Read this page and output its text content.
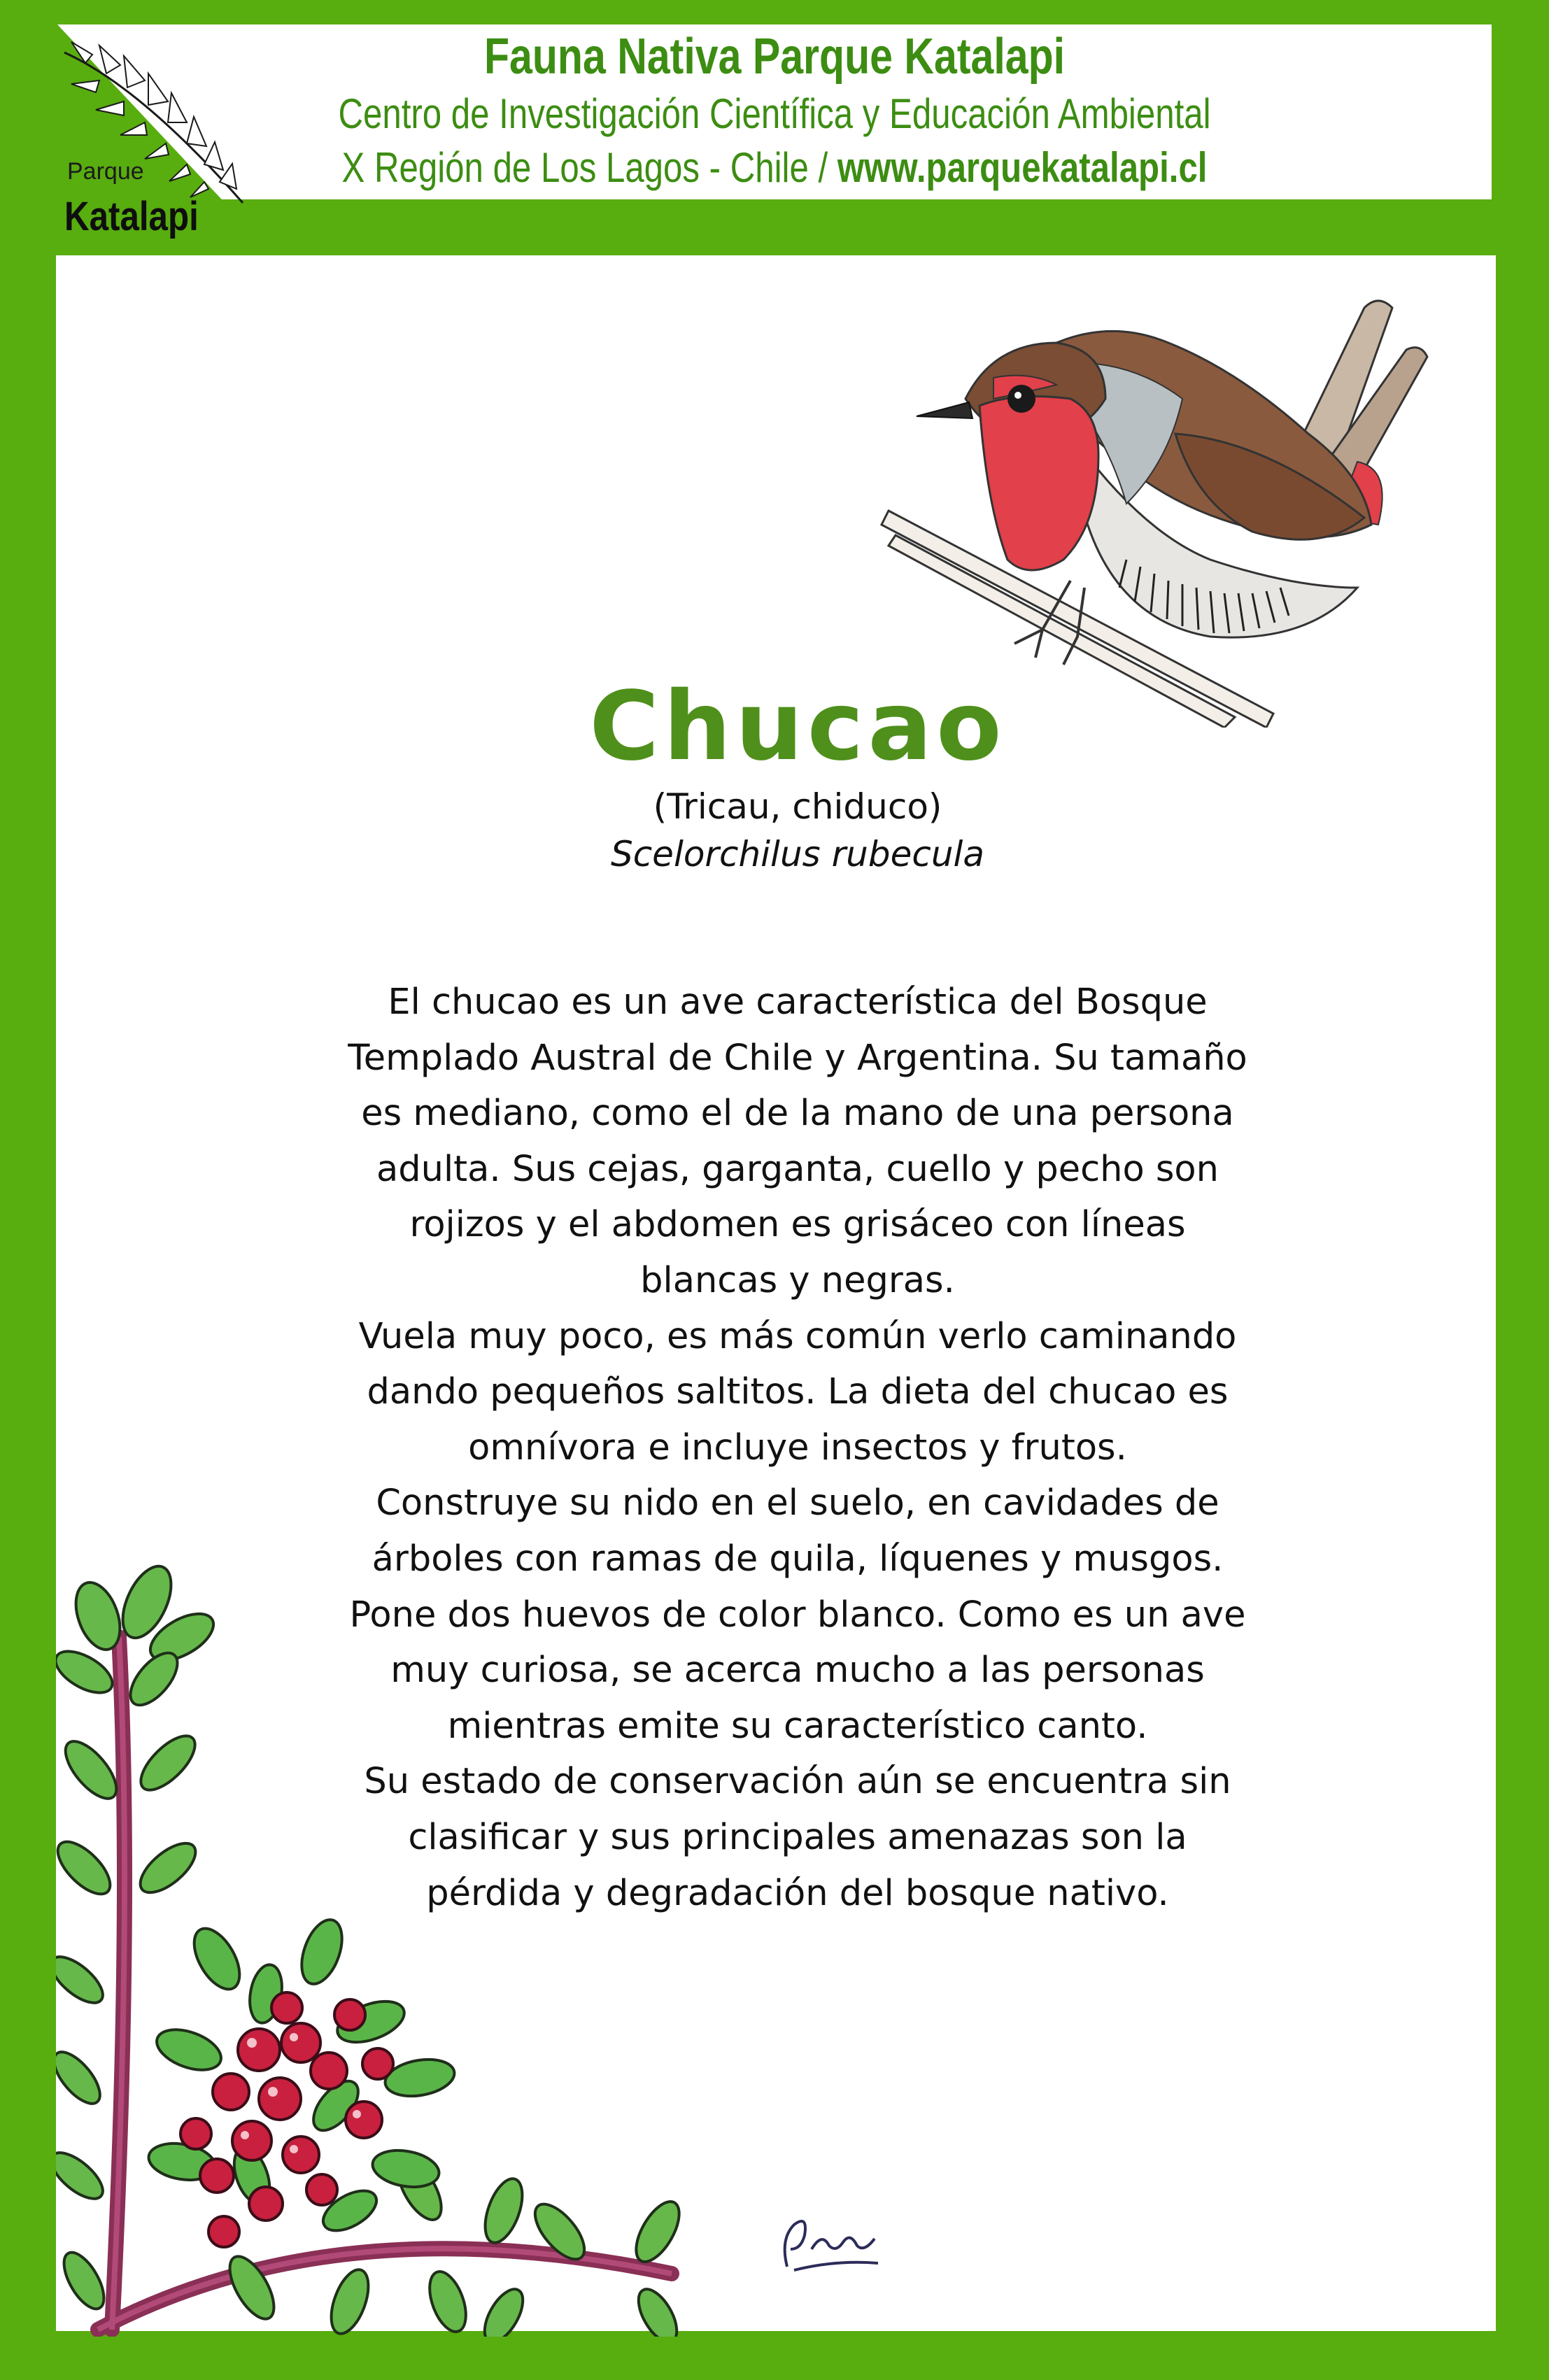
Parque
Katalapi
Fauna Nativa Parque Katalapi
Centro de Investigación Científica y Educación Ambiental
X Región de Los Lagos - Chile / www.parquekatalapi.cl
Chucao
(Tricau, chiduco)
Scelorchilus rubecula
El chucao es un ave característica del Bosque
Templado Austral de Chile y Argentina. Su tamaño
es mediano, como el de la mano de una persona
adulta. Sus cejas, garganta, cuello y pecho son
rojizos y el abdomen es grisáceo con líneas
blancas y negras.
Vuela muy poco, es más común verlo caminando
dando pequeños saltitos. La dieta del chucao es
omnívora e incluye insectos y frutos.
Construye su nido en el suelo, en cavidades de
árboles con ramas de quila, líquenes y musgos.
Pone dos huevos de color blanco. Como es un ave
muy curiosa, se acerca mucho a las personas
mientras emite su característico canto.
Su estado de conservación aún se encuentra sin
clasificar y sus principales amenazas son la
pérdida y degradación del bosque nativo.
